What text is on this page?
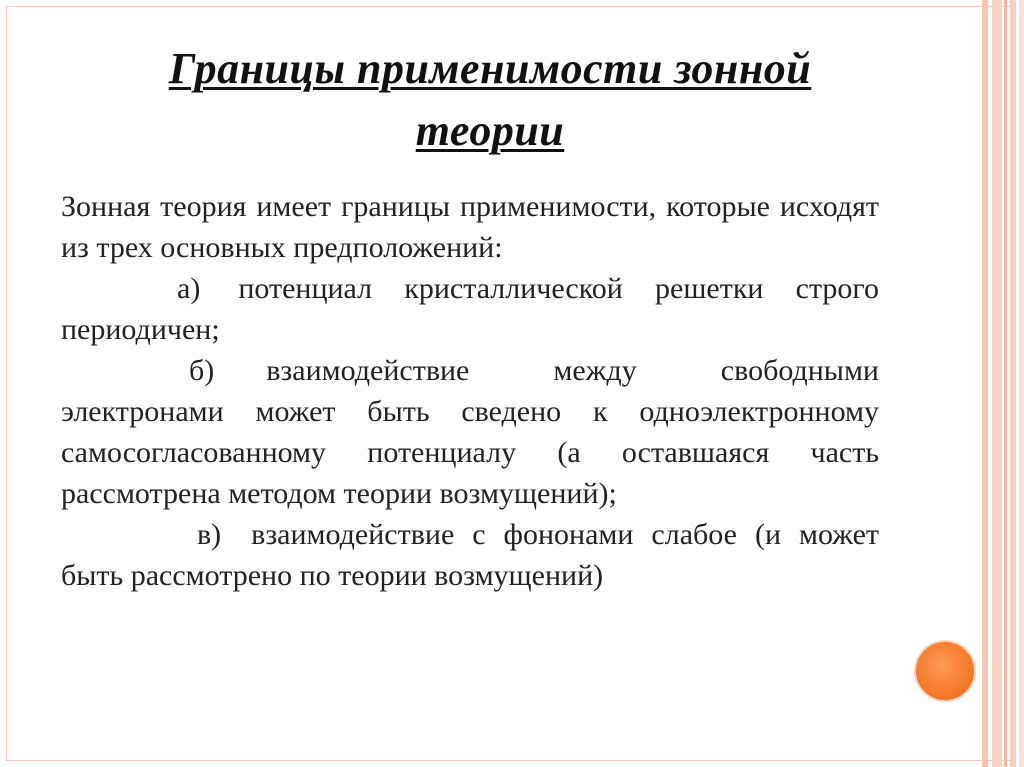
Границы применимости зонной
теории

Зонная теория имеет границы применимости, которые исходят из трех основных предположений:

а) потенциал кристаллической решетки строго периодичен;

б) взаимодействие между свободными электронами может быть сведено к одноэлектронному самосогласованному потенциалу (а оставшаяся часть рассмотрена методом теории возмущений);

в) взаимодействие с фононами слабое (и может быть рассмотрено по теории возмущений)
